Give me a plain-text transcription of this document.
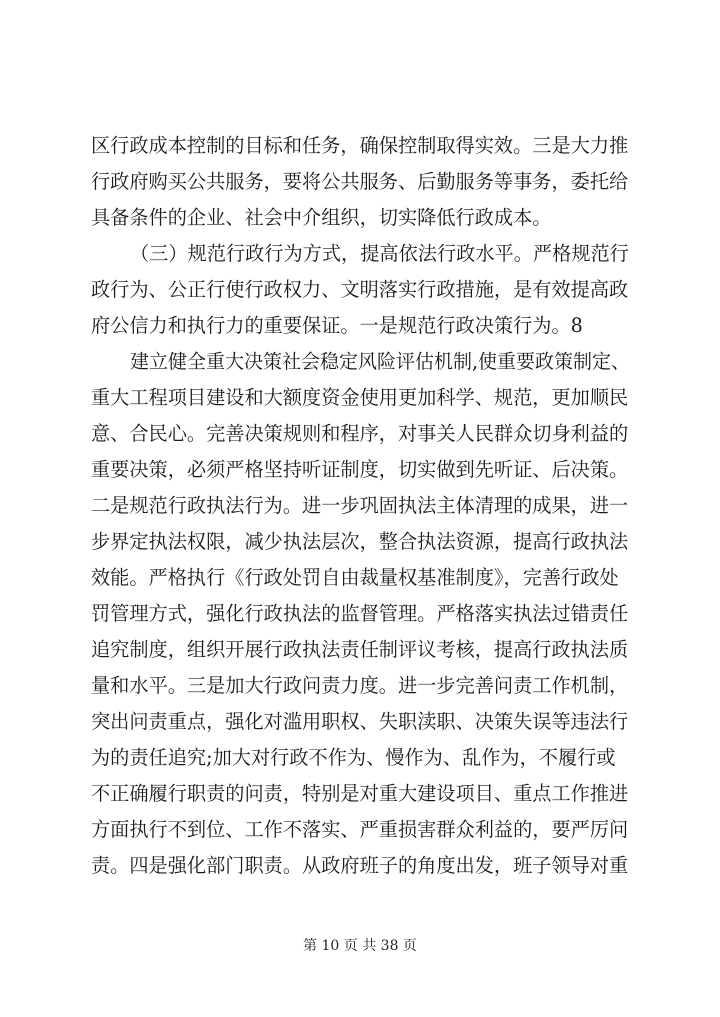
区行政成本控制的目标和任务，确保控制取得实效。三是大力推
行政府购买公共服务，要将公共服务、后勤服务等事务，委托给
具备条件的企业、社会中介组织，切实降低行政成本。
（三）规范行政行为方式，提高依法行政水平。严格规范行
政行为、公正行使行政权力、文明落实行政措施，是有效提高政
府公信力和执行力的重要保证。一是规范行政决策行为。8
建立健全重大决策社会稳定风险评估机制,使重要政策制定、
重大工程项目建设和大额度资金使用更加科学、规范，更加顺民
意、合民心。完善决策规则和程序，对事关人民群众切身利益的
重要决策，必须严格坚持听证制度，切实做到先听证、后决策。
二是规范行政执法行为。进一步巩固执法主体清理的成果，进一
步界定执法权限，减少执法层次，整合执法资源，提高行政执法
效能。严格执行《行政处罚自由裁量权基准制度》，完善行政处
罚管理方式，强化行政执法的监督管理。严格落实执法过错责任
追究制度，组织开展行政执法责任制评议考核，提高行政执法质
量和水平。三是加大行政问责力度。进一步完善问责工作机制，
突出问责重点，强化对滥用职权、失职渎职、决策失误等违法行
为的责任追究;加大对行政不作为、慢作为、乱作为，不履行或
不正确履行职责的问责，特别是对重大建设项目、重点工作推进
方面执行不到位、工作不落实、严重损害群众利益的，要严厉问
责。四是强化部门职责。从政府班子的角度出发，班子领导对重
第 10 页 共 38 页
